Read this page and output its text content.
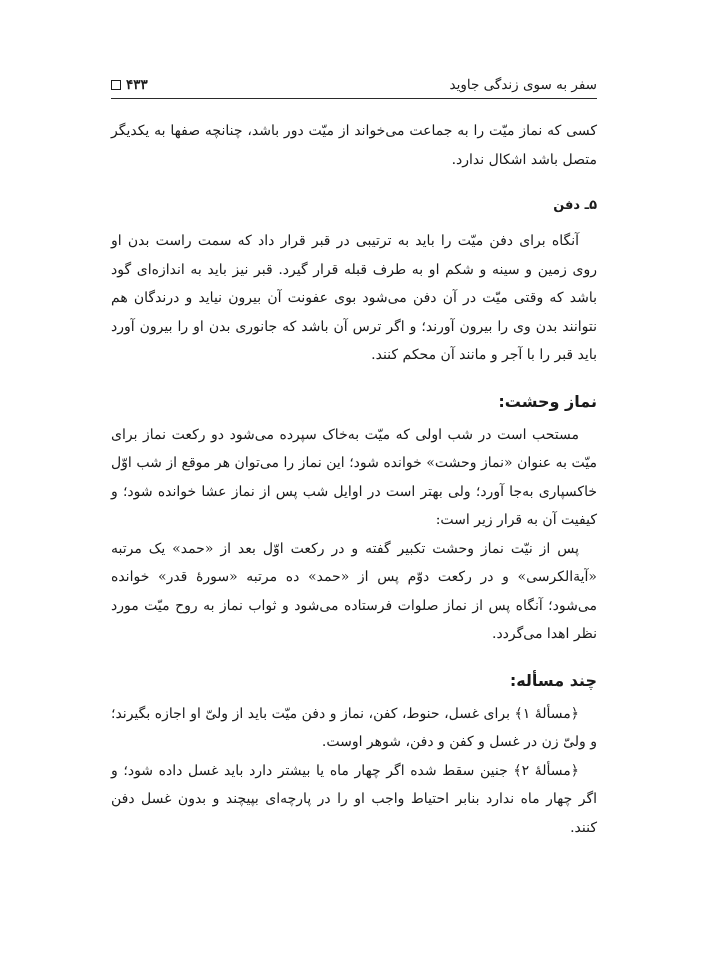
سفر به سوی زندگی جاوید
۴۳۳

کسی که نماز میّت را به جماعت می‌خواند از میّت دور باشد، چنانچه صفها به یکدیگر متصل باشد اشکال ندارد.

۵ـ دفن

آنگاه برای دفن میّت را باید به ترتیبی در قبر قرار داد که سمت راست بدن او روی زمین و سینه و شکم او به طرف قبله قرار گیرد. قبر نیز باید به اندازه‌ای گود باشد که وقتی میّت در آن دفن می‌شود بوی عفونت آن بیرون نیاید و درندگان هم نتوانند بدن وی را بیرون آورند؛ و اگر ترس آن باشد که جانوری بدن او را بیرون آورد باید قبر را با آجر و مانند آن محکم کنند.

نماز وحشت:

مستحب است در شب اولی که میّت به‌خاک سپرده می‌شود دو رکعت نماز برای میّت به عنوان «نماز وحشت» خوانده شود؛ این نماز را می‌توان هر موقع از شب اوّل خاکسپاری به‌جا آورد؛ ولی بهتر است در اوایل شب پس از نماز عشا خوانده شود؛ و کیفیت آن به قرار زیر است:

پس از نیّت نماز وحشت تکبیر گفته و در رکعت اوّل بعد از «حمد» یک مرتبه «آیة‌الکرسی» و در رکعت دوّم پس از «حمد» ده مرتبه «سورهٔ قدر» خوانده می‌شود؛ آنگاه پس از نماز صلوات فرستاده می‌شود و ثواب نماز به روح میّت مورد نظر اهدا می‌گردد.

چند مسأله:

﴿مسألهٔ ۱﴾ برای غسل، حنوط، کفن، نماز و دفن میّت باید از ولیّ او اجازه بگیرند؛ و ولیّ زن در غسل و کفن و دفن، شوهر اوست.

﴿مسألهٔ ۲﴾ جنین سقط شده اگر چهار ماه یا بیشتر دارد باید غسل داده شود؛ و اگر چهار ماه ندارد بنابر احتیاط واجب او را در پارچه‌ای بپیچند و بدون غسل دفن کنند.
